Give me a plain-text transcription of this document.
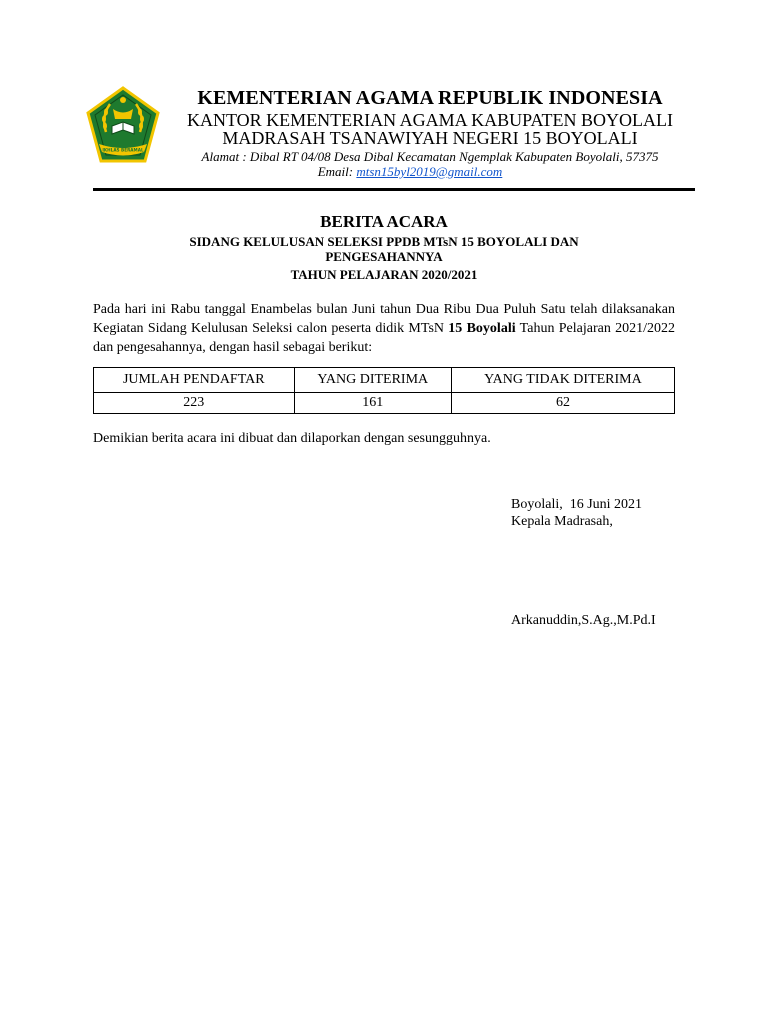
IKHLAS BERAMAL
KEMENTERIAN AGAMA REPUBLIK INDONESIA
KANTOR KEMENTERIAN AGAMA KABUPATEN BOYOLALI
MADRASAH TSANAWIYAH NEGERI 15 BOYOLALI
Alamat : Dibal RT 04/08 Desa Dibal Kecamatan Ngemplak Kabupaten Boyolali, 57375
Email: mtsn15byl2019@gmail.com
BERITA ACARA
SIDANG KELULUSAN SELEKSI PPDB MTsN 15 BOYOLALI DAN
PENGESAHANNYA
TAHUN PELAJARAN 2020/2021

Pada hari ini Rabu tanggal Enambelas bulan Juni tahun Dua Ribu Dua Puluh Satu telah dilaksanakan Kegiatan Sidang Kelulusan Seleksi calon peserta didik MTsN 15 Boyolali Tahun Pelajaran 2021/2022 dan pengesahannya, dengan hasil sebagai berikut:

JUMLAH PENDAFTAR	YANG DITERIMA	YANG TIDAK DITERIMA
223	161	62
Demikian berita acara ini dibuat dan dilaporkan dengan sesungguhnya.
Boyolali,  16 Juni 2021
Kepala Madrasah,
Arkanuddin,S.Ag.,M.Pd.I
